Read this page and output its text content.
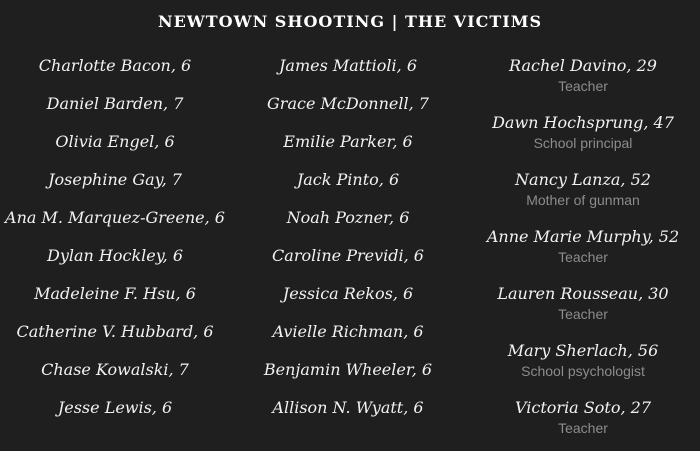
NEWTOWN SHOOTING | THE VICTIMS
Charlotte Bacon, 6
Daniel Barden, 7
Olivia Engel, 6
Josephine Gay, 7
Ana M. Marquez-Greene, 6
Dylan Hockley, 6
Madeleine F. Hsu, 6
Catherine V. Hubbard, 6
Chase Kowalski, 7
Jesse Lewis, 6
James Mattioli, 6
Grace McDonnell, 7
Emilie Parker, 6
Jack Pinto, 6
Noah Pozner, 6
Caroline Previdi, 6
Jessica Rekos, 6
Avielle Richman, 6
Benjamin Wheeler, 6
Allison N. Wyatt, 6
Rachel Davino, 29
Teacher
Dawn Hochsprung, 47
School principal
Nancy Lanza, 52
Mother of gunman
Anne Marie Murphy, 52
Teacher
Lauren Rousseau, 30
Teacher
Mary Sherlach, 56
School psychologist
Victoria Soto, 27
Teacher
